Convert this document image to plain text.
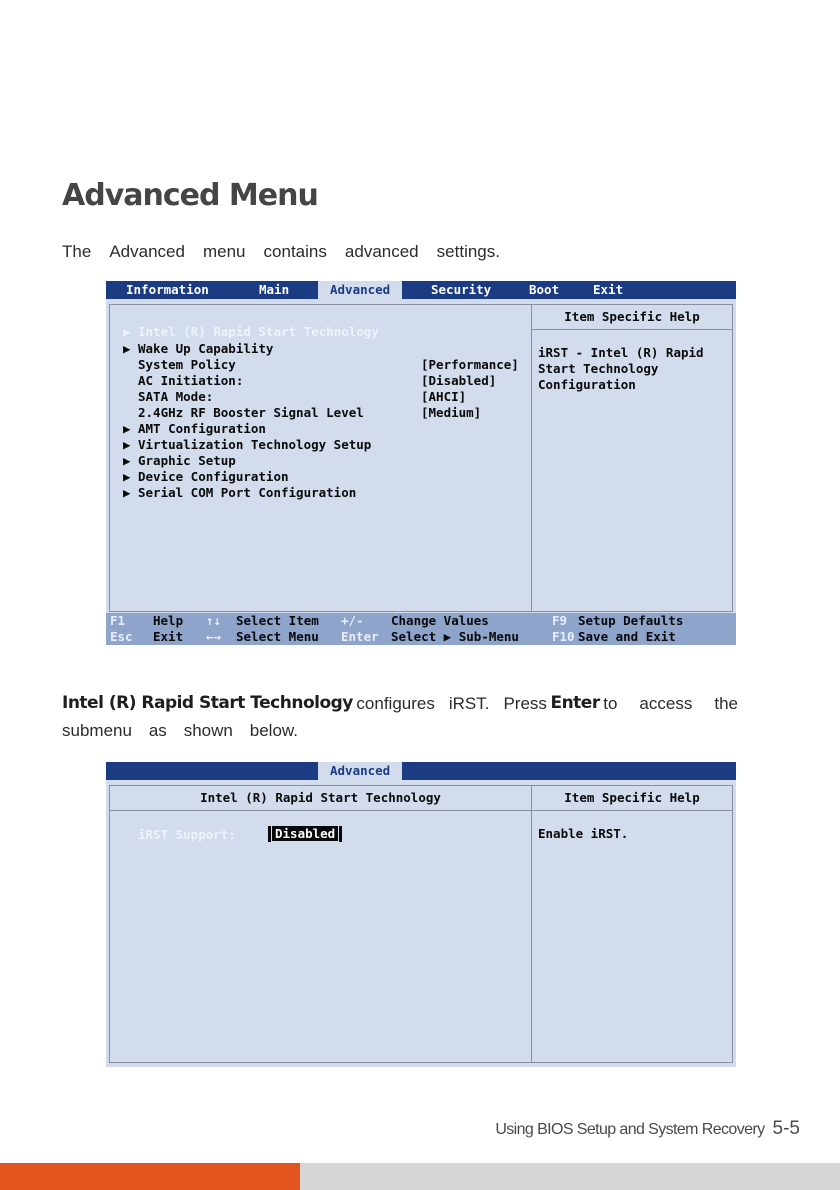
Advanced Menu
The Advanced menu contains advanced settings.
Information	Main	Advanced	Security	Boot	Exit
▶ Intel (R) Rapid Start Technology
▶ Wake Up Capability
System Policy	[Performance]
AC Initiation:	[Disabled]
SATA Mode:	[AHCI]
2.4GHz RF Booster Signal Level	[Medium]
▶ AMT Configuration
▶ Virtualization Technology Setup
▶ Graphic Setup
▶ Device Configuration
▶ Serial COM Port Configuration
Item Specific Help
iRST - Intel (R) Rapid
Start Technology
Configuration
F1 Help ↑↓ Select Item +/- Change Values	F9 Setup Defaults
Esc Exit ←→ Select Menu Enter Select ▶ Sub-Menu	F10 Save and Exit
Intel (R) Rapid Start Technology configures iRST. Press Enter to access the
submenu as shown below.
Advanced
Intel (R) Rapid Start Technology
iRST Support:	Disabled
Item Specific Help
Enable iRST.
Using BIOS Setup and System Recovery 5-5
